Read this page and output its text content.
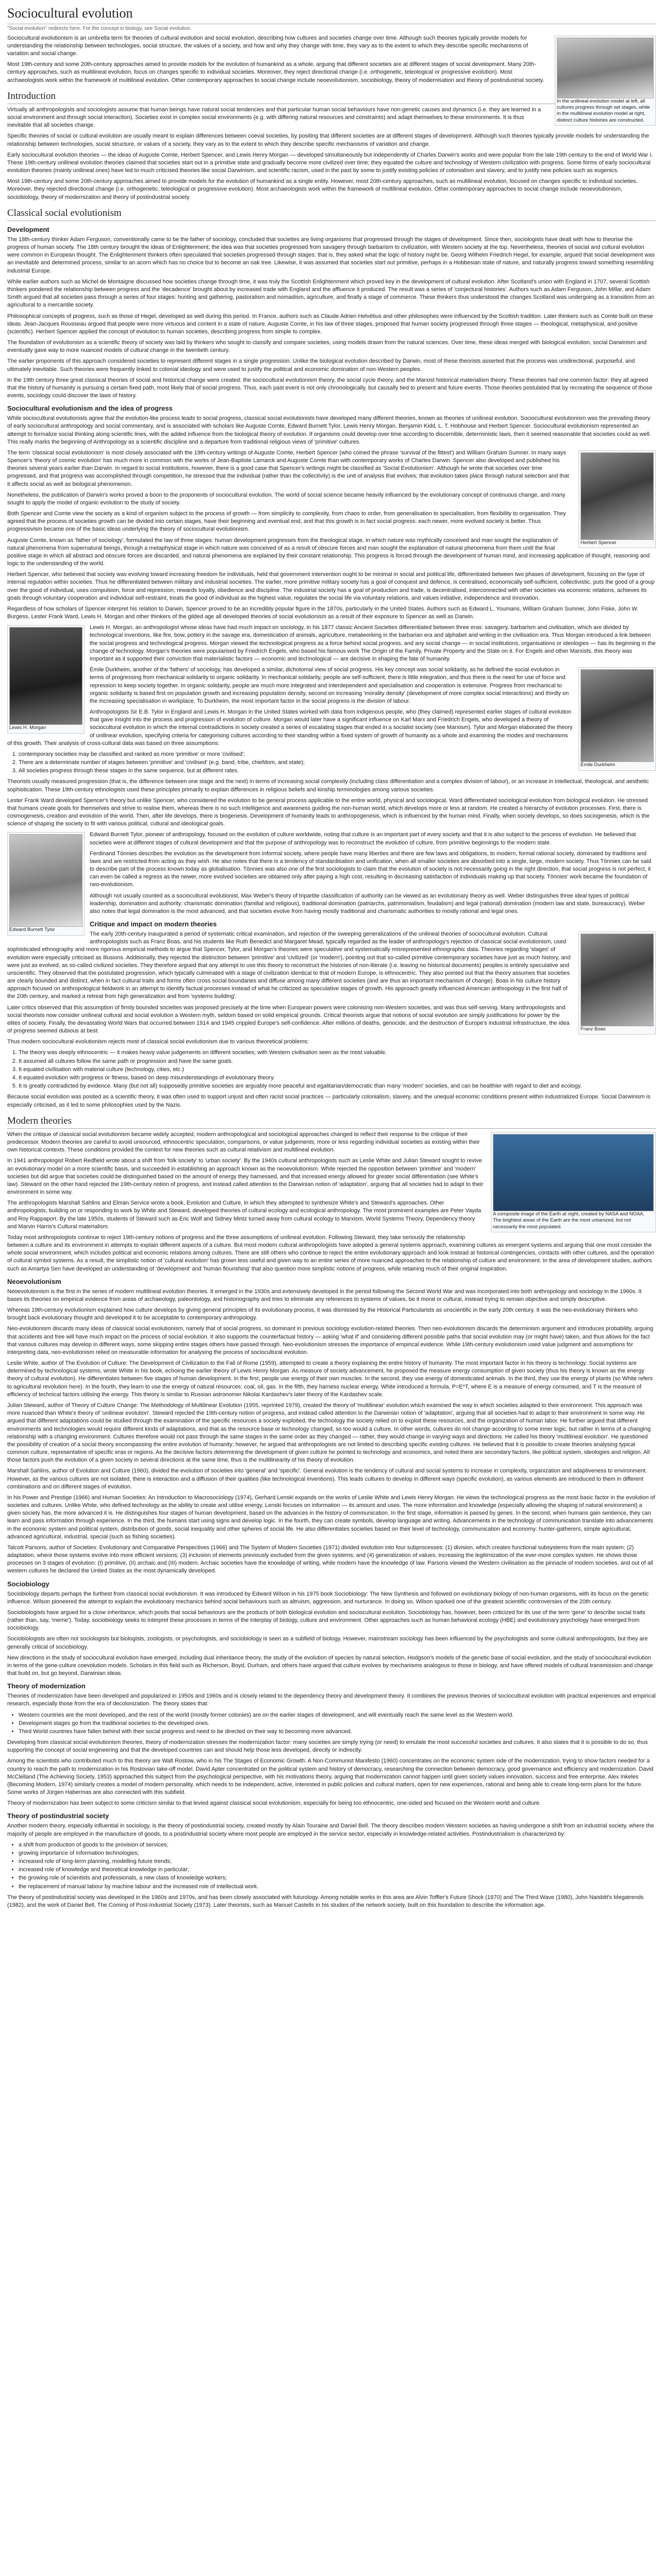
Sociocultural evolution
"Social evolution" redirects here. For the concept in biology, see Social evolution.
In the unilineal evolution model at left, all cultures progress through set stages, while in the multilineal evolution model at right, distinct culture histories are constructed.

Sociocultural evolutionism is an umbrella term for theories of cultural evolution and social evolution, describing how cultures and societies change over time. Although such theories typically provide models for understanding the relationship between technologies, social structure, the values of a society, and how and why they change with time, they vary as to the extent to which they describe specific mechanisms of variation and social change.

Most 19th-century and some 20th-century approaches aimed to provide models for the evolution of humankind as a whole, arguing that different societies are at different stages of social development. Many 20th-century approaches, such as multilineal evolution, focus on changes specific to individual societies. Moreover, they reject directional change (i.e. orthogenetic, teleological or progressive evolution). Most archaeologists work within the framework of multilineal evolution. Other contemporary approaches to social change include neoevolutionism, sociobiology, theory of modernisation and theory of postindustrial society.

Introduction

Virtually all anthropologists and sociologists assume that human beings have natural social tendencies and that particular human social behaviours have non-genetic causes and dynamics (i.e. they are learned in a social environment and through social interaction). Societies exist in complex social environments (e.g. with differing natural resources and constraints) and adapt themselves to these environments. It is thus inevitable that all societies change.

Specific theories of social or cultural evolution are usually meant to explain differences between coeval societies, by positing that different societies are at different stages of development. Although such theories typically provide models for understanding the relationship between technologies, social structure, or values of a society, they vary as to the extent to which they describe specific mechanisms of variation and change.

Early sociocultural evolution theories — the ideas of Auguste Comte, Herbert Spencer, and Lewis Henry Morgan — developed simultaneously but independently of Charles Darwin's works and were popular from the late 19th century to the end of World War I. These 19th-century unilineal evolution theories claimed that societies start out in a primitive state and gradually become more civilized over time; they equated the culture and technology of Western civilization with progress. Some forms of early sociocultural evolution theories (mainly unilineal ones) have led to much criticised theories like social Darwinism, and scientific racism, used in the past by some to justify existing policies of colonialism and slavery, and to justify new policies such as eugenics.

Most 19th-century and some 20th-century approaches aimed to provide models for the evolution of humankind as a single entity. However, most 20th-century approaches, such as multilineal evolution, focused on changes specific to individual societies. Moreover, they rejected directional change (i.e. orthogenetic, teleological or progressive evolution). Most archaeologists work within the framework of multilineal evolution. Other contemporary approaches to social change include neoevolutionism, sociobiology, theory of modernization and theory of postindustrial society.

Classical social evolutionism
Development

The 18th-century thinker Adam Ferguson, conventionally came to be the father of sociology, concluded that societies are living organisms that progressed through the stages of development. Since then, sociologists have dealt with how to theorise the progress of human society. The 18th century brought the ideas of Enlightenment; the idea was that societies progressed from savagery through barbarism to civilization, with Western society at the top. Nevertheless, theories of social and cultural evolution were common in European thought. The Enlightenment thinkers often speculated that societies progressed through stages: that is, they asked what the logic of history might be. Georg Wilhelm Friedrich Hegel, for example, argued that social development was an inevitable and determined process, similar to an acorn which has no choice but to become an oak tree. Likewise, it was assumed that societies start out primitive, perhaps in a Hobbesian state of nature, and naturally progress toward something resembling industrial Europe.

While earlier authors such as Michel de Montaigne discussed how societies change through time, it was truly the Scottish Enlightenment which proved key in the development of cultural evolution. After Scotland's union with England in 1707, several Scottish thinkers pondered the relationship between progress and the 'decadence' brought about by increased trade with England and the affluence it produced. The result was a series of 'conjectural histories'. Authors such as Adam Ferguson, John Millar, and Adam Smith argued that all societies pass through a series of four stages: hunting and gathering, pastoralism and nomadism, agriculture, and finally a stage of commerce. These thinkers thus understood the changes Scotland was undergoing as a transition from an agricultural to a mercantile society.

Philosophical concepts of progress, such as those of Hegel, developed as well during this period. In France, authors such as Claude Adrien Helvétius and other philosophes were influenced by the Scottish tradition. Later thinkers such as Comte built on these ideas. Jean-Jacques Rousseau argued that people were more virtuous and content in a state of nature. Auguste Comte, in his law of three stages, proposed that human society progressed through three stages — theological, metaphysical, and positive (scientific). Herbert Spencer applied the concept of evolution to human societies, describing progress from simple to complex.

The foundation of evolutionism as a scientific theory of society was laid by thinkers who sought to classify and compare societies, using models drawn from the natural sciences. Over time, these ideas merged with biological evolution, social Darwinism and eventually gave way to more nuanced models of cultural change in the twentieth century.

The earlier proponents of this approach considered societies to represent different stages in a single progression. Unlike the biological evolution described by Darwin, most of these theorists asserted that the process was unidirectional, purposeful, and ultimately inevitable. Such theories were frequently linked to colonial ideology and were used to justify the political and economic domination of non-Western peoples.

In the 19th century three great classical theories of social and historical change were created: the sociocultural evolutionism theory, the social cycle theory, and the Marxist historical materialism theory. These theories had one common factor: they all agreed that the history of humanity is pursuing a certain fixed path, most likely that of social progress. Thus, each past event is not only chronologically, but causally tied to present and future events. Those theories postulated that by recreating the sequence of those events, sociology could discover the laws of history.

Sociocultural evolutionism and the idea of progress

While sociocultural evolutionists agree that the evolution-like process leads to social progress, classical social evolutionists have developed many different theories, known as theories of unilineal evolution. Sociocultural evolutionism was the prevailing theory of early sociocultural anthropology and social commentary, and is associated with scholars like Auguste Comte, Edward Burnett Tylor, Lewis Henry Morgan, Benjamin Kidd, L. T. Hobhouse and Herbert Spencer. Sociocultural evolutionism represented an attempt to formalize social thinking along scientific lines, with the added influence from the biological theory of evolution. If organisms could develop over time according to discernible, deterministic laws, then it seemed reasonable that societies could as well. This really marks the beginning of Anthropology as a scientific discipline and a departure from traditional religious views of 'primitive' cultures.

Herbert Spencer

The term 'classical social evolutionism' is most closely associated with the 19th-century writings of Auguste Comte, Herbert Spencer (who coined the phrase 'survival of the fittest') and William Graham Sumner. In many ways Spencer's 'theory of cosmic evolution' has much more in common with the works of Jean-Baptiste Lamarck and Auguste Comte than with contemporary works of Charles Darwin. Spencer also developed and published his theories several years earlier than Darwin. In regard to social institutions, however, there is a good case that Spencer's writings might be classified as 'Social Evolutionism'. Although he wrote that societies over time progressed, and that progress was accomplished through competition, he stressed that the individual (rather than the collectivity) is the unit of analysis that evolves; that evolution takes place through natural selection and that it affects social as well as biological phenomenon.

Nonetheless, the publication of Darwin's works proved a boon to the proponents of sociocultural evolution. The world of social science became heavily influenced by the evolutionary concept of continuous change, and many sought to apply the model of organic evolution to the study of society.

Both Spencer and Comte view the society as a kind of organism subject to the process of growth — from simplicity to complexity, from chaos to order, from generalisation to specialisation, from flexibility to organisation. They agreed that the process of societies growth can be divided into certain stages, have their beginning and eventual end, and that this growth is in fact social progress: each newer, more evolved society is better. Thus progressivism became one of the basic ideas underlying the theory of sociocultural evolutionism.

Auguste Comte, known as 'father of sociology', formulated the law of three stages: human development progresses from the theological stage, in which nature was mythically conceived and man sought the explanation of natural phenomena from supernatural beings, through a metaphysical stage in which nature was conceived of as a result of obscure forces and man sought the explanation of natural phenomena from them until the final positive stage in which all abstract and obscure forces are discarded, and natural phenomena are explained by their constant relationship. This progress is forced through the development of human mind, and increasing application of thought, reasoning and logic to the understanding of the world.

Herbert Spencer, who believed that society was evolving toward increasing freedom for individuals, held that government intervention ought to be minimal in social and political life, differentiated between two phases of development, focusing on the type of internal regulation within societies. Thus he differentiated between military and industrial societies. The earlier, more primitive military society has a goal of conquest and defence, is centralised, economically self-sufficient, collectivistic, puts the good of a group over the good of individual, uses compulsion, force and repression, rewards loyalty, obedience and discipline. The industrial society has a goal of production and trade, is decentralised, interconnected with other societies via economic relations, achieves its goals through voluntary cooperation and individual self-restraint, treats the good of individual as the highest value, regulates the social life via voluntary relations, and values initiative, independence and innovation.

Regardless of how scholars of Spencer interpret his relation to Darwin, Spencer proved to be an incredibly popular figure in the 1870s, particularly in the United States. Authors such as Edward L. Youmans, William Graham Sumner, John Fiske, John W. Burgess, Lester Frank Ward, Lewis H. Morgan and other thinkers of the gilded age all developed theories of social evolutionism as a result of their exposure to Spencer as well as Darwin.

Lewis H. Morgan

Lewis H. Morgan, an anthropologist whose ideas have had much impact on sociology, in his 1877 classic Ancient Societies differentiated between three eras: savagery, barbarism and civilisation, which are divided by technological inventions, like fire, bow, pottery in the savage era, domestication of animals, agriculture, metalworking in the barbarian era and alphabet and writing in the civilisation era. Thus Morgan introduced a link between the social progress and technological progress. Morgan viewed the technological progress as a force behind social progress, and any social change — in social institutions, organisations or ideologies — has its beginning in the change of technology. Morgan's theories were popularised by Friedrich Engels, who based his famous work The Origin of the Family, Private Property and the State on it. For Engels and other Marxists, this theory was important as it supported their conviction that materialistic factors — economic and technological — are decisive in shaping the fate of humanity.

Émile Durkheim

Émile Durkheim, another of the 'fathers' of sociology, has developed a similar, dichotomal view of social progress. His key concept was social solidarity, as he defined the social evolution in terms of progressing from mechanical solidarity to organic solidarity. In mechanical solidarity, people are self-sufficient, there is little integration, and thus there is the need for use of force and repression to keep society together. In organic solidarity, people are much more integrated and interdependent and specialisation and cooperation is extensive. Progress from mechanical to organic solidarity is based first on population growth and increasing population density, second on increasing 'morality density' (development of more complex social interactions) and thirdly on the increasing specialisation in workplace. To Durkheim, the most important factor in the social progress is the division of labour.

Anthropologists Sir E.B. Tylor in England and Lewis H. Morgan in the United States worked with data from indigenous people, who (they claimed) represented earlier stages of cultural evolution that gave insight into the process and progression of evolution of culture. Morgan would later have a significant influence on Karl Marx and Friedrich Engels, who developed a theory of sociocultural evolution in which the internal contradictions in society created a series of escalating stages that ended in a socialist society (see Marxism). Tylor and Morgan elaborated the theory of unilinear evolution, specifying criteria for categorising cultures according to their standing within a fixed system of growth of humanity as a whole and examining the modes and mechanisms of this growth. Their analysis of cross-cultural data was based on three assumptions:

1. contemporary societies may be classified and ranked as more 'primitive' or more 'civilised';
2. There are a determinate number of stages between 'primitive' and 'civilised' (e.g. band, tribe, chiefdom, and state);
3. All societies progress through these stages in the same sequence, but at different rates.

Theorists usually measured progression (that is, the difference between one stage and the next) in terms of increasing social complexity (including class differentiation and a complex division of labour), or an increase in intellectual, theological, and aesthetic sophistication. These 19th-century ethnologists used these principles primarily to explain differences in religious beliefs and kinship terminologies among various societies.

Lester Frank Ward developed Spencer's theory but unlike Spencer, who considered the evolution to be general process applicable to the entire world, physical and sociological, Ward differentiated sociological evolution from biological evolution. He stressed that humans create goals for themselves and strive to realise them, whereas there is no such intelligence and awareness guiding the non-human world, which develops more or less at random. He created a hierarchy of evolution processes. First, there is cosmogenesis, creation and evolution of the world. Then, after life develops, there is biogenesis. Development of humanity leads to anthropogenesis, which is influenced by the human mind. Finally, when society develops, so does sociogenesis, which is the science of shaping the society to fit with various political, cultural and ideological goals.

Edward Burnett Tylor

Edward Burnett Tylor, pioneer of anthropology, focused on the evolution of culture worldwide, noting that culture is an important part of every society and that it is also subject to the process of evolution. He believed that societies were at different stages of cultural development and that the purpose of anthropology was to reconstruct the evolution of culture, from primitive beginnings to the modern state.

Ferdinand Tönnies describes the evolution as the development from informal society, where people have many liberties and there are few laws and obligations, to modern, formal rational society, dominated by traditions and laws and are restricted from acting as they wish. He also notes that there is a tendency of standardisation and unification, when all smaller societies are absorbed into a single, large, modern society. Thus Tönnies can be said to describe part of the process known today as globalisation. Tönnies was also one of the first sociologists to claim that the evolution of society is not necessarily going in the right direction, that social progress is not perfect, it can even be called a regress as the newer, more evolved societies are obtained only after paying a high cost, resulting in decreasing satisfaction of individuals making up that society. Tönnies' work became the foundation of neo-evolutionism.

Although not usually counted as a sociocultural evolutionist, Max Weber's theory of tripartite classification of authority can be viewed as an evolutionary theory as well. Weber distinguishes three ideal types of political leadership, domination and authority: charismatic domination (familial and religious), traditional domination (patriarchs, patrimonialism, feudalism) and legal (rational) domination (modern law and state, bureaucracy). Weber also notes that legal domination is the most advanced, and that societies evolve from having mostly traditional and charismatic authorities to mostly rational and legal ones.

Critique and impact on modern theories
Franz Boas

The early 20th-century inaugurated a period of systematic critical examination, and rejection of the sweeping generalizations of the unilineal theories of sociocultural evolution. Cultural anthropologists such as Franz Boas, and his students like Ruth Benedict and Margaret Mead, typically regarded as the leader of anthropology's rejection of classical social evolutionism, used sophisticated ethnography and more rigorous empirical methods to argue that Spencer, Tylor, and Morgan's theories were speculative and systematically misrepresented ethnographic data. Theories regarding 'stages' of evolution were especially criticised as illusions. Additionally, they rejected the distinction between 'primitive' and 'civilized' (or 'modern'), pointing out that so-called primitive contemporary societies have just as much history, and were just as evolved, as so-called civilized societies. They therefore argued that any attempt to use this theory to reconstruct the histories of non-literate (i.e. leaving no historical documents) peoples is entirely speculative and unscientific. They observed that the postulated progression, which typically culminated with a stage of civilization identical to that of modern Europe, is ethnocentric. They also pointed out that the theory assumes that societies are clearly bounded and distinct, when in fact cultural traits and forms often cross social boundaries and diffuse among many different societies (and are thus an important mechanism of change). Boas in his culture history approach focused on anthropological fieldwork in an attempt to identify factual processes instead of what he criticized as speculative stages of growth. His approach greatly influenced American anthropology in the first half of the 20th century, and marked a retreat from high generalization and from 'systems building'.

Later critics observed that this assumption of firmly bounded societies was proposed precisely at the time when European powers were colonising non-Western societies, and was thus self-serving. Many anthropologists and social theorists now consider unilineal cultural and social evolution a Western myth, seldom based on solid empirical grounds. Critical theorists argue that notions of social evolution are simply justifications for power by the elites of society. Finally, the devastating World Wars that occurred between 1914 and 1945 crippled Europe's self-confidence. After millions of deaths, genocide, and the destruction of Europe's industrial infrastructure, the idea of progress seemed dubious at best.

Thus modern sociocultural evolutionism rejects most of classical social evolutionism due to various theoretical problems:

1. The theory was deeply ethnocentric — it makes heavy value judgements on different societies; with Western civilisation seen as the most valuable.
2. It assumed all cultures follow the same path or progression and have the same goals.
3. It equated civilisation with material culture (technology, cities, etc.)
4. It equated evolution with progress or fitness, based on deep misunderstandings of evolutionary theory.
5. It is greatly contradicted by evidence. Many (but not all) supposedly primitive societies are arguably more peaceful and egalitarian/democratic than many 'modern' societies, and can be healthier with regard to diet and ecology.

Because social evolution was posited as a scientific theory, it was often used to support unjust and often racist social practices — particularly colonialism, slavery, and the unequal economic conditions present within industrialized Europe. Social Darwinism is especially criticised, as it led to some philosophies used by the Nazis.

Modern theories
A composite image of the Earth at night, created by NASA and NOAA. The brightest areas of the Earth are the most urbanized, but not necessarily the most populated.

When the critique of classical social evolutionism became widely accepted, modern anthropological and sociological approaches changed to reflect their response to the critique of their predecessor. Modern theories are careful to avoid unsourced, ethnocentric speculation, comparisons, or value judgements; more or less regarding individual societies as existing within their own historical contexts. These conditions provided the context for new theories such as cultural relativism and multilineal evolution.

In 1941 anthropologist Robert Redfield wrote about a shift from 'folk society' to 'urban society'. By the 1940s cultural anthropologists such as Leslie White and Julian Steward sought to revive an evolutionary model on a more scientific basis, and succeeded in establishing an approach known as the neoevolutionism. White rejected the opposition between 'primitive' and 'modern' societies but did argue that societies could be distinguished based on the amount of energy they harnessed, and that increased energy allowed for greater social differentiation (see White's law). Steward on the other hand rejected the 19th-century notion of progress, and instead called attention to the Darwinian notion of 'adaptation', arguing that all societies had to adapt to their environment in some way.

The anthropologists Marshall Sahlins and Elman Service wrote a book, Evolution and Culture, in which they attempted to synthesize White's and Steward's approaches. Other anthropologists, building on or responding to work by White and Steward, developed theories of cultural ecology and ecological anthropology. The most prominent examples are Peter Vayda and Roy Rappaport. By the late 1950s, students of Steward such as Eric Wolf and Sidney Mintz turned away from cultural ecology to Marxism, World Systems Theory, Dependency theory and Marvin Harris's Cultural materialism.

Today most anthropologists continue to reject 19th-century notions of progress and the three assumptions of unilineal evolution. Following Steward, they take seriously the relationship between a culture and its environment in attempts to explain different aspects of a culture. But most modern cultural anthropologists have adopted a general systems approach, examining cultures as emergent systems and arguing that one must consider the whole social environment, which includes political and economic relations among cultures. There are still others who continue to reject the entire evolutionary approach and look instead at historical contingencies, contacts with other cultures, and the operation of cultural symbol systems. As a result, the simplistic notion of 'cultural evolution' has grown less useful and given way to an entire series of more nuanced approaches to the relationship of culture and environment. In the area of development studies, authors such as Amartya Sen have developed an understanding of 'development' and 'human flourishing' that also question more simplistic notions of progress, while retaining much of their original inspiration.

Neoevolutionism

Neoevolutionism is the first in the series of modern multilineal evolution theories. It emerged in the 1930s and extensively developed in the period following the Second World War and was incorporated into both anthropology and sociology in the 1960s. It bases its theories on empirical evidence from areas of archaeology, paleontology, and historiography and tries to eliminate any references to systems of values, be it moral or cultural, instead trying to remain objective and simply descriptive.

Whereas 19th-century evolutionism explained how culture develops by giving general principles of its evolutionary process, it was dismissed by the Historical Particularists as unscientific in the early 20th century. It was the neo-evolutionary thinkers who brought back evolutionary thought and developed it to be acceptable to contemporary anthropology.

Neo-evolutionism discards many ideas of classical social evolutionism, namely that of social progress, so dominant in previous sociology evolution-related theories. Then neo-evolutionism discards the determinism argument and introduces probability, arguing that accidents and free will have much impact on the process of social evolution. It also supports the counterfactual history — asking 'what if' and considering different possible paths that social evolution may (or might have) taken, and thus allows for the fact that various cultures may develop in different ways, some skipping entire stages others have passed through. Neo-evolutionism stresses the importance of empirical evidence. While 19th-century evolutionism used value judgment and assumptions for interpreting data, neo-evolutionism relied on measurable information for analysing the process of sociocultural evolution.

Leslie White, author of The Evolution of Culture: The Development of Civilization to the Fall of Rome (1959), attempted to create a theory explaining the entire history of humanity. The most important factor in his theory is technology: Social systems are determined by technological systems, wrote White in his book, echoing the earlier theory of Lewis Henry Morgan. As measure of society advancement, he proposed the measure energy consumption of given society (thus his theory is known as the energy theory of cultural evolution). He differentiates between five stages of human development. In the first, people use energy of their own muscles. In the second, they use energy of domesticated animals. In the third, they use the energy of plants (so White refers to agricultural revolution here). In the fourth, they learn to use the energy of natural resources: coal, oil, gas. In the fifth, they harness nuclear energy. White introduced a formula, P=E*T, where E is a measure of energy consumed, and T is the measure of efficiency of technical factors utilising the energy. This theory is similar to Russian astronomer Nikolai Kardashev's later theory of the Kardashev scale.

Julian Steward, author of Theory of Culture Change: The Methodology of Multilinear Evolution (1955, reprinted 1979), created the theory of 'multilinear' evolution which examined the way in which societies adapted to their environment. This approach was more nuanced than White's theory of 'unilinear evolution'. Steward rejected the 19th-century notion of progress, and instead called attention to the Darwinian notion of 'adaptation', arguing that all societies had to adapt to their environment in some way. He argued that different adaptations could be studied through the examination of the specific resources a society exploited, the technology the society relied on to exploit these resources, and the organization of human labor. He further argued that different environments and technologies would require different kinds of adaptations, and that as the resource base or technology changed, so too would a culture. In other words, cultures do not change according to some inner logic, but rather in terms of a changing relationship with a changing environment. Cultures therefore would not pass through the same stages in the same order as they changed — rather, they would change in varying ways and directions. He called his theory 'multilineal evolution'. He questioned the possibility of creation of a social theory encompassing the entire evolution of humanity; however, he argued that anthropologists are not limited to describing specific existing cultures. He believed that it is possible to create theories analysing typical common culture, representative of specific eras or regions. As the decisive factors determining the development of given culture he pointed to technology and economics, and noted there are secondary factors, like political system, ideologies and religion. All those factors push the evolution of a given society in several directions at the same time, thus is the multilinearity of his theory of evolution.

Marshall Sahlins, author of Evolution and Culture (1960), divided the evolution of societies into 'general' and 'specific'. General evolution is the tendency of cultural and social systems to increase in complexity, organization and adaptiveness to environment. However, as the various cultures are not isolated, there is interaction and a diffusion of their qualities (like technological inventions). This leads cultures to develop in different ways (specific evolution), as various elements are introduced to them in different combinations and on different stages of evolution.

In his Power and Prestige (1966) and Human Societies: An Introduction to Macrosociology (1974), Gerhard Lenski expands on the works of Leslie White and Lewis Henry Morgan. He views the technological progress as the most basic factor in the evolution of societies and cultures. Unlike White, who defined technology as the ability to create and utilise energy, Lenski focuses on information — its amount and uses. The more information and knowledge (especially allowing the shaping of natural environment) a given society has, the more advanced it is. He distinguishes four stages of human development, based on the advances in the history of communication. In the first stage, information is passed by genes. In the second, when humans gain sentience, they can learn and pass information through experience. In the third, the humans start using signs and develop logic. In the fourth, they can create symbols, develop language and writing. Advancements in the technology of communication translate into advancements in the economic system and political system, distribution of goods, social inequality and other spheres of social life. He also differentiates societies based on their level of technology, communication and economy: hunter-gatherers, simple agricultural, advanced agricultural, industrial, special (such as fishing societies).

Talcott Parsons, author of Societies: Evolutionary and Comparative Perspectives (1966) and The System of Modern Societies (1971) divided evolution into four subprocesses: (1) division, which creates functional subsystems from the main system; (2) adaptation, where those systems evolve into more efficient versions; (3) inclusion of elements previously excluded from the given systems; and (4) generalization of values, increasing the legitimization of the ever-more complex system. He shows those processes on 3 stages of evolution: (I) primitive, (II) archaic and (III) modern. Archaic societies have the knowledge of writing, while modern have the knowledge of law. Parsons viewed the Western civilisation as the pinnacle of modern societies, and out of all western cultures he declared the United States as the most dynamically developed.

Sociobiology

Sociobiology departs perhaps the furthest from classical social evolutionism. It was introduced by Edward Wilson in his 1975 book Sociobiology: The New Synthesis and followed on evolutionary biology of non-human organisms, with its focus on the genetic influence. Wilson pioneered the attempt to explain the evolutionary mechanics behind social behaviours such as altruism, aggression, and nurturance. In doing so, Wilson sparked one of the greatest scientific controversies of the 20th century.

Sociobiologists have argued for a close inheritance, which posits that social behaviours are the products of both biological evolution and sociocultural evolution. Sociobiology has, however, been criticized for its use of the term 'gene' to describe social traits (rather than, say, 'meme'). Today, sociobiology seeks to interpret these processes in terms of the interplay of biology, culture and environment. Other approaches such as human behavioral ecology (HBE) and evolutionary psychology have emerged from sociobiology.

Sociobiologists are often not sociologists but biologists, zoologists, or psychologists, and sociobiology is seen as a subfield of biology. However, mainstream sociology has been influenced by the psychologists and some cultural anthropologists, but they are generally critical of sociobiology.

New directions in the study of sociocultural evolution have emerged, including dual inheritance theory, the study of the evolution of species by natural selection, Hodgson's models of the genetic base of social evolution, and the study of sociocultural evolution in terms of the gene-culture coevolution models. Scholars in this field such as Richerson, Boyd, Durham, and others have argued that culture evolves by mechanisms analogous to those in biology, and have offered models of cultural transmission and change that build on, but go beyond, Darwinian ideas.

Theory of modernization

Theories of modernization have been developed and popularized in 1950s and 1960s and is closely related to the dependency theory and development theory. It combines the previous theories of sociocultural evolution with practical experiences and empirical research, especially those from the era of decolonization. The theory states that:

• Western countries are the most developed, and the rest of the world (mostly former colonies) are on the earlier stages of development, and will eventually reach the same level as the Western world.
• Development stages go from the traditional societies to the developed ones.
• Third World countries have fallen behind with their social progress and need to be directed on their way to becoming more advanced.

Developing from classical social evolutionism theories, theory of modernization stresses the modernization factor: many societies are simply trying (or need) to emulate the most successful societies and cultures. It also states that it is possible to do so, thus supporting the concept of social engineering and that the developed countries can and should help those less developed, directly or indirectly.

Among the scientists who contributed much to this theory are Walt Rostow, who in his The Stages of Economic Growth: A Non-Communist Manifesto (1960) concentrates on the economic system side of the modernization, trying to show factors needed for a country to reach the path to modernization in his Rostovian take-off model. David Apter concentrated on the political system and history of democracy, researching the connection between democracy, good governance and efficiency and modernization. David McClelland (The Achieving Society, 1953) approached this subject from the psychological perspective, with his motivations theory, arguing that modernization cannot happen until given society values innovation, success and free enterprise. Alex Inkeles (Becoming Modern, 1974) similarly creates a model of modern personality, which needs to be independent, active, interested in public policies and cultural matters, open for new experiences, rational and being able to create long-term plans for the future. Some works of Jürgen Habermas are also connected with this subfield.

Theory of modernization has been subject to some criticism similar to that levied against classical social evolutionism, especially for being too ethnocentric, one-sided and focused on the Western world and culture.

Theory of postindustrial society

Another modern theory, especially influential in sociology, is the theory of postindustrial society, created mostly by Alain Touraine and Daniel Bell. The theory describes modern Western societies as having undergone a shift from an industrial society, where the majority of people are employed in the manufacture of goods, to a postindustrial society where most people are employed in the service sector, especially in knowledge-related activities. Postindustrialism is characterized by:

• a shift from production of goods to the provision of services;
• growing importance of information technologies;
• increased role of long-term planning, modelling future trends;
• increased role of knowledge and theoretical knowledge in particular;
• the growing role of scientists and professionals, a new class of knowledge workers;
• the replacement of manual labour by machine labour and the increased role of intellectual work.

The theory of postindustrial society was developed in the 1960s and 1970s, and has been closely associated with futurology. Among notable works in this area are Alvin Toffler's Future Shock (1970) and The Third Wave (1980), John Naisbitt's Megatrends (1982), and the work of Daniel Bell, The Coming of Post-Industrial Society (1973). Later theorists, such as Manuel Castells in his studies of the network society, built on this foundation to describe the information age.
